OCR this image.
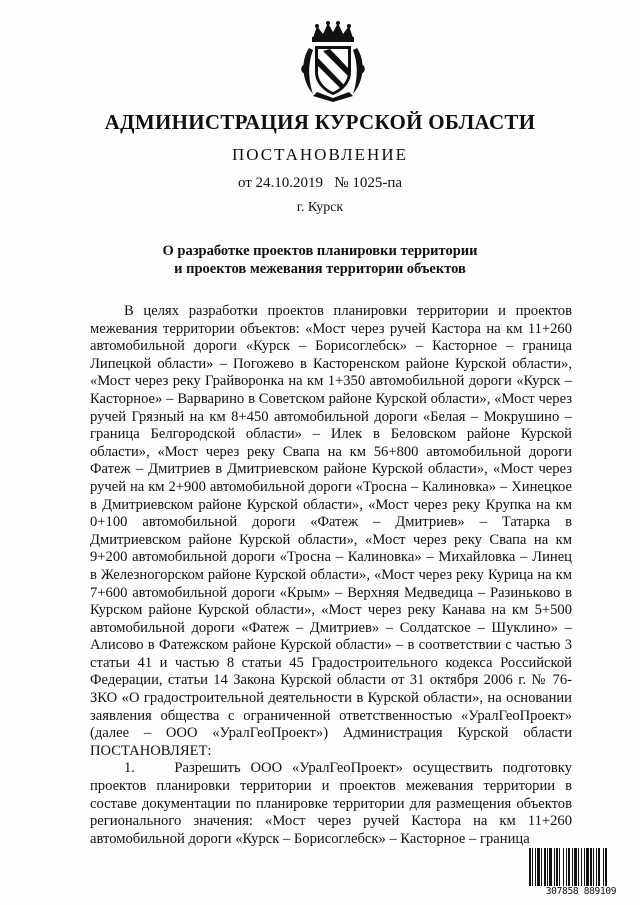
АДМИНИСТРАЦИЯ КУРСКОЙ ОБЛАСТИ
ПОСТАНОВЛЕНИЕ
от 24.10.2019   № 1025-па
г. Курск
О разработке проектов планировки территории
и проектов межевания территории объектов

В целях разработки проектов планировки территории и проектов межевания территории объектов: «Мост через ручей Кастора на км 11+260 автомобильной дороги «Курск – Борисоглебск» – Касторное – граница Липецкой области» – Погожево в Касторенском районе Курской области», «Мост через реку Грайворонка на км 1+350 автомобильной дороги «Курск – Касторное» – Варварино в Советском районе Курской области», «Мост через ручей Грязный на км 8+450 автомобильной дороги «Белая – Мокрушино – граница Белгородской области» – Илек в Беловском районе Курской области», «Мост через реку Свапа на км 56+800 автомобильной дороги Фатеж – Дмитриев в Дмитриевском районе Курской области», «Мост через ручей на км 2+900 автомобильной дороги «Тросна – Калиновка» – Хинецкое в Дмитриевском районе Курской области», «Мост через реку Крупка на км 0+100 автомобильной дороги «Фатеж – Дмитриев» – Татарка в Дмитриевском районе Курской области», «Мост через реку Свапа на км 9+200 автомобильной дороги «Тросна – Калиновка» – Михайловка – Линец в Железногорском районе Курской области», «Мост через реку Курица на км 7+600 автомобильной дороги «Крым» – Верхняя Медведица – Разиньково в Курском районе Курской области», «Мост через реку Канава на км 5+500 автомобильной дороги «Фатеж – Дмитриев» – Солдатское – Шуклино» – Алисово в Фатежском районе Курской области» – в соответствии с частью 3 статьи 41 и частью 8 статьи 45 Градостроительного кодекса Российской Федерации, статьи 14 Закона Курской области от 31 октября 2006 г. № 76-ЗКО «О градостроительной деятельности в Курской области», на основании заявления общества с ограниченной ответственностью «УралГеоПроект» (далее – ООО «УралГеоПроект») Администрация Курской области ПОСТАНОВЛЯЕТ:

1.    Разрешить ООО «УралГеоПроект» осуществить подготовку проектов планировки территории и проектов межевания территории в составе документации по планировке территории для размещения объектов регионального значения: «Мост через ручей Кастора на км 11+260 автомобильной дороги «Курск – Борисоглебск» – Касторное – граница

307858 889109
